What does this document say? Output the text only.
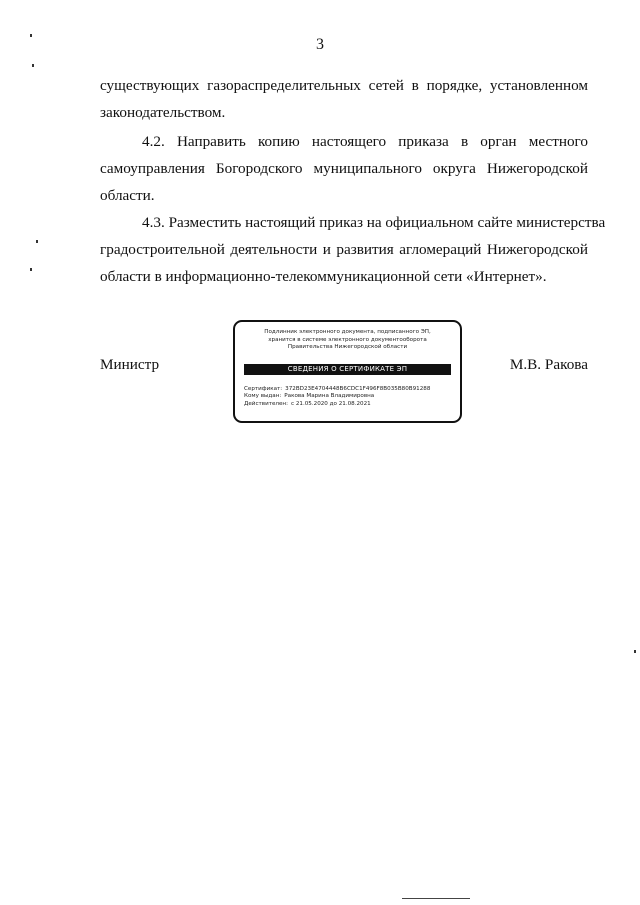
3
существующих газораспределительных сетей в порядке, установленном
законодательством.
4.2. Направить копию настоящего приказа в орган местного
самоуправления Богородского муниципального округа Нижегородской
области.
4.3. Разместить настоящий приказ на официальном сайте министерства
градостроительной деятельности и развития агломераций Нижегородской
области в информационно-телекоммуникационной сети «Интернет».
Министр	М.В. Ракова
Подлинник электронного документа, подписанного ЭП,
хранится в системе электронного документооборота
Правительства Нижегородской области
СВЕДЕНИЯ О СЕРТИФИКАТЕ ЭП
Сертификат: 372BD23E4704448B6CDC1F496F8B035B80B91288
Кому выдан: Ракова Марина Владимировна
Действителен: с 21.05.2020 до 21.08.2021
